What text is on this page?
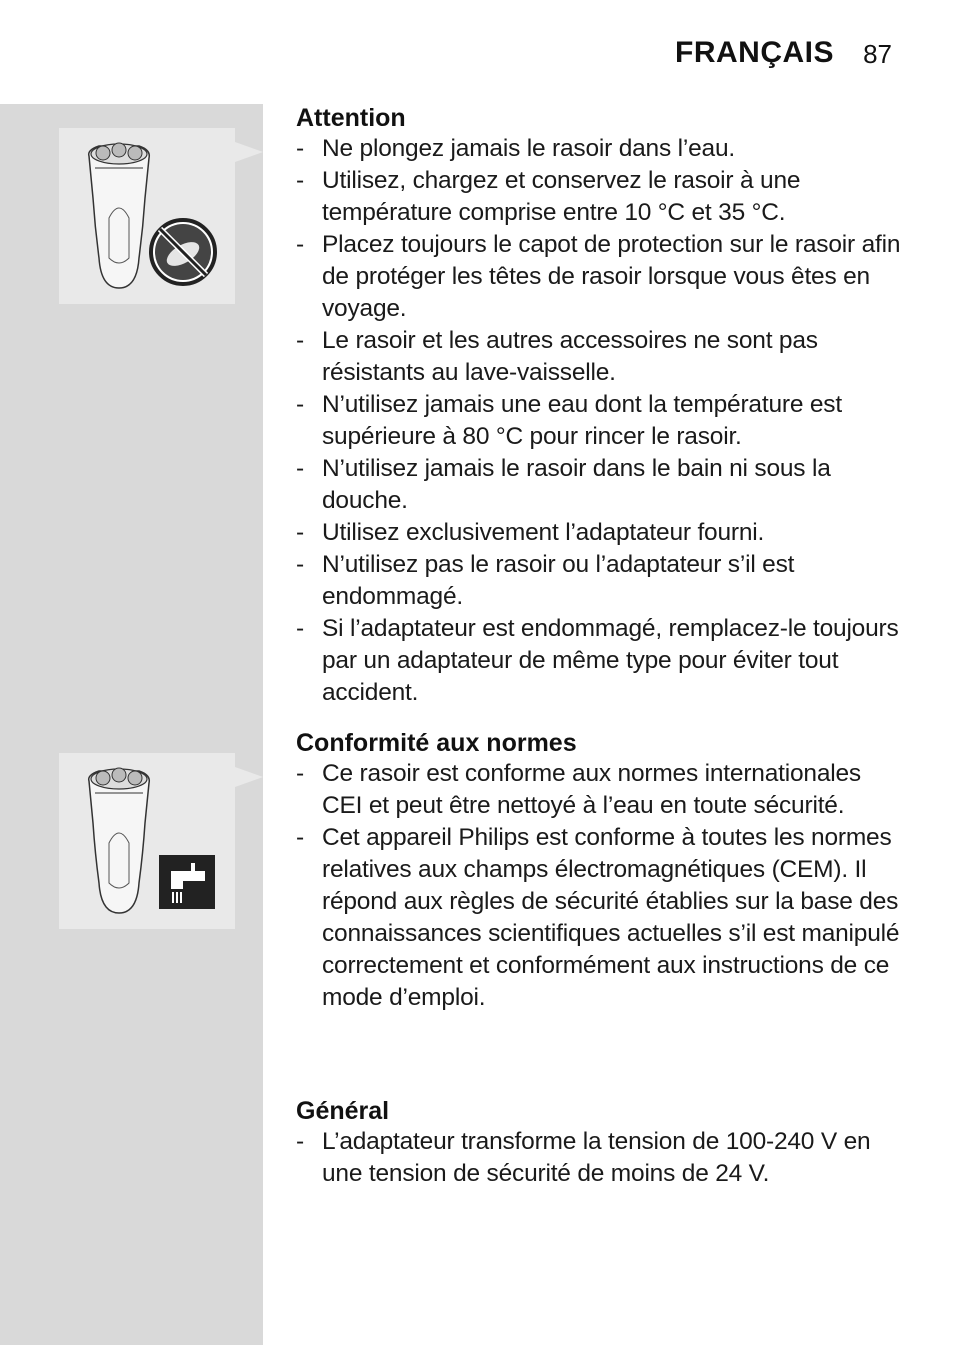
FRANÇAIS 87
Attention
- Ne plongez jamais le rasoir dans l’eau.
- Utilisez, chargez et conservez le rasoir à une température comprise entre 10 °C et 35 °C.
- Placez toujours le capot de protection sur le rasoir afin de protéger les têtes de rasoir lorsque vous êtes en voyage.
- Le rasoir et les autres accessoires ne sont pas résistants au lave-vaisselle.
- N’utilisez jamais une eau dont la température est supérieure à 80 °C pour rincer le rasoir.
- N’utilisez jamais le rasoir dans le bain ni sous la douche.
- Utilisez exclusivement l’adaptateur fourni.
- N’utilisez pas le rasoir ou l’adaptateur s’il est endommagé.
- Si l’adaptateur est endommagé, remplacez-le toujours par un adaptateur de même type pour éviter tout accident.
Conformité aux normes
- Ce rasoir est conforme aux normes internationales CEI et peut être nettoyé à l’eau en toute sécurité.
- Cet appareil Philips est conforme à toutes les normes relatives aux champs électromagnétiques (CEM). Il répond aux règles de sécurité établies sur la base des connaissances scientifiques actuelles s’il est manipulé correctement et conformément aux instructions de ce mode d’emploi.
Général
- L’adaptateur transforme la tension de 100-240 V en une tension de sécurité de moins de 24 V.
